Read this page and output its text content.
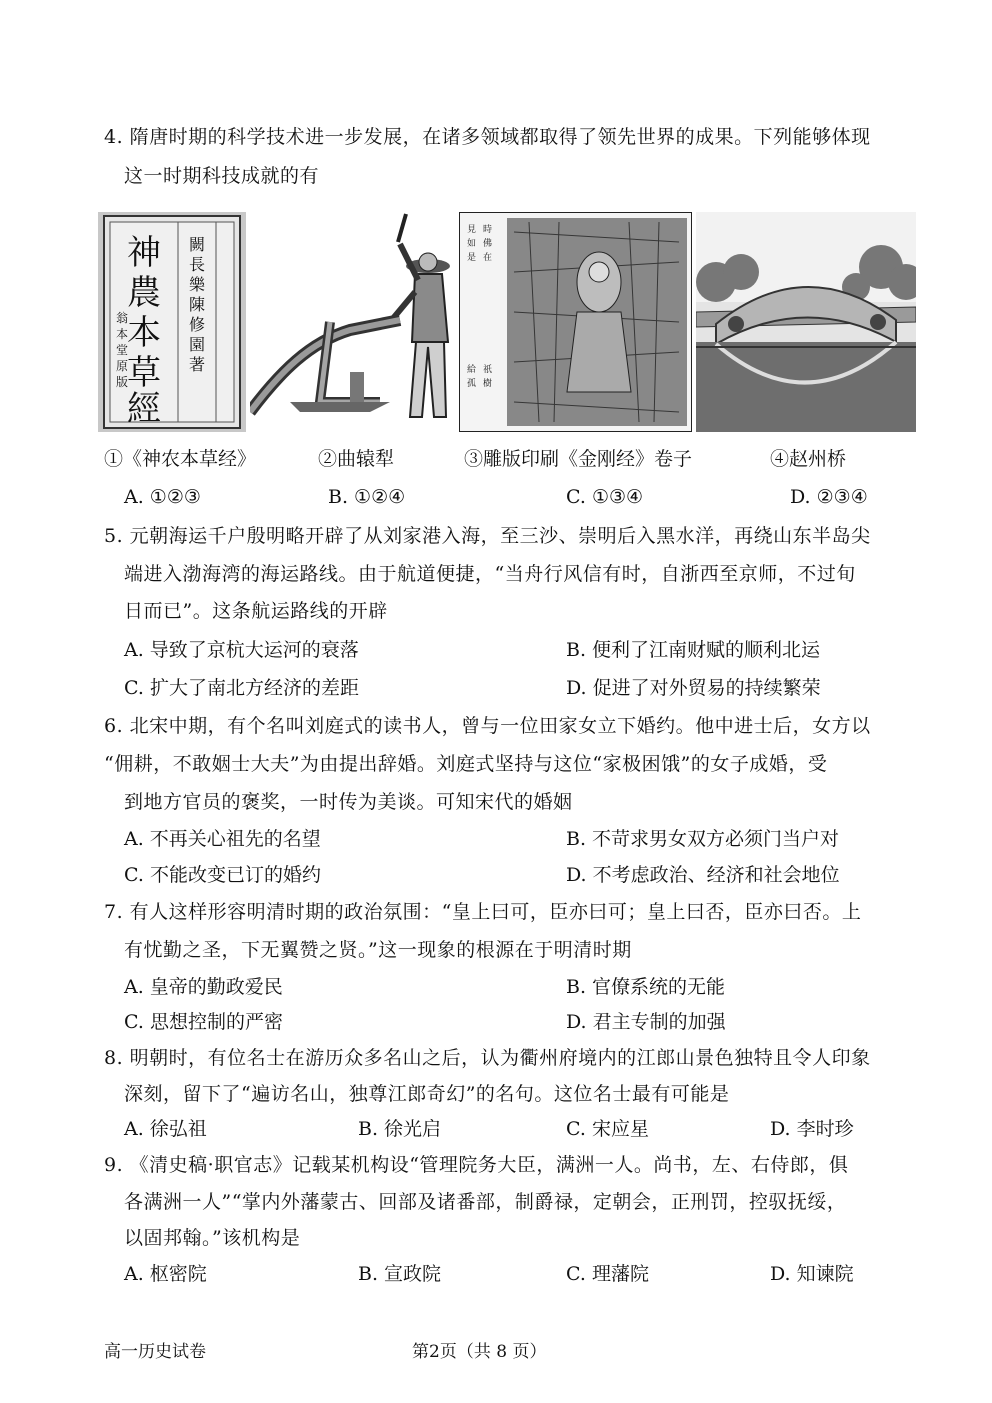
4. 隋唐时期的科学技术进一步发展，在诸多领域都取得了领先世界的成果。下列能够体现
这一时期科技成就的有
神
農
本
草
經
闕
長
樂
陳
修
園
著
翁
本
堂
原
版
見
如
是
時
佛
在
祇
樹
給
孤
①《神农本草经》	②曲辕犁	③雕版印刷《金刚经》卷子	④赵州桥
A. ①②③	B. ①②④	C. ①③④	D. ②③④
5. 元朝海运千户殷明略开辟了从刘家港入海，至三沙、崇明后入黑水洋，再绕山东半岛尖
端进入渤海湾的海运路线。由于航道便捷，“当舟行风信有时，自浙西至京师，不过旬
日而已”。这条航运路线的开辟
A. 导致了京杭大运河的衰落	B. 便利了江南财赋的顺利北运
C. 扩大了南北方经济的差距	D. 促进了对外贸易的持续繁荣
6. 北宋中期，有个名叫刘庭式的读书人，曾与一位田家女立下婚约。他中进士后，女方以
“佣耕，不敢姻士大夫”为由提出辞婚。刘庭式坚持与这位“家极困饿”的女子成婚，受
到地方官员的褒奖，一时传为美谈。可知宋代的婚姻
A. 不再关心祖先的名望	B. 不苛求男女双方必须门当户对
C. 不能改变已订的婚约	D. 不考虑政治、经济和社会地位
7. 有人这样形容明清时期的政治氛围：“皇上曰可，臣亦曰可；皇上曰否，臣亦曰否。上
有忧勤之圣，下无翼赞之贤。”这一现象的根源在于明清时期
A. 皇帝的勤政爱民	B. 官僚系统的无能
C. 思想控制的严密	D. 君主专制的加强
8. 明朝时，有位名士在游历众多名山之后，认为衢州府境内的江郎山景色独特且令人印象
深刻，留下了“遍访名山，独尊江郎奇幻”的名句。这位名士最有可能是
A. 徐弘祖	B. 徐光启	C. 宋应星	D. 李时珍
9. 《清史稿·职官志》记载某机构设“管理院务大臣，满洲一人。尚书，左、右侍郎，俱
各满洲一人”“掌内外藩蒙古、回部及诸番部，制爵禄，定朝会，正刑罚，控驭抚绥，
以固邦翰。”该机构是
A. 枢密院	B. 宣政院	C. 理藩院	D. 知谏院
高一历史试卷	第2页（共 8 页）
